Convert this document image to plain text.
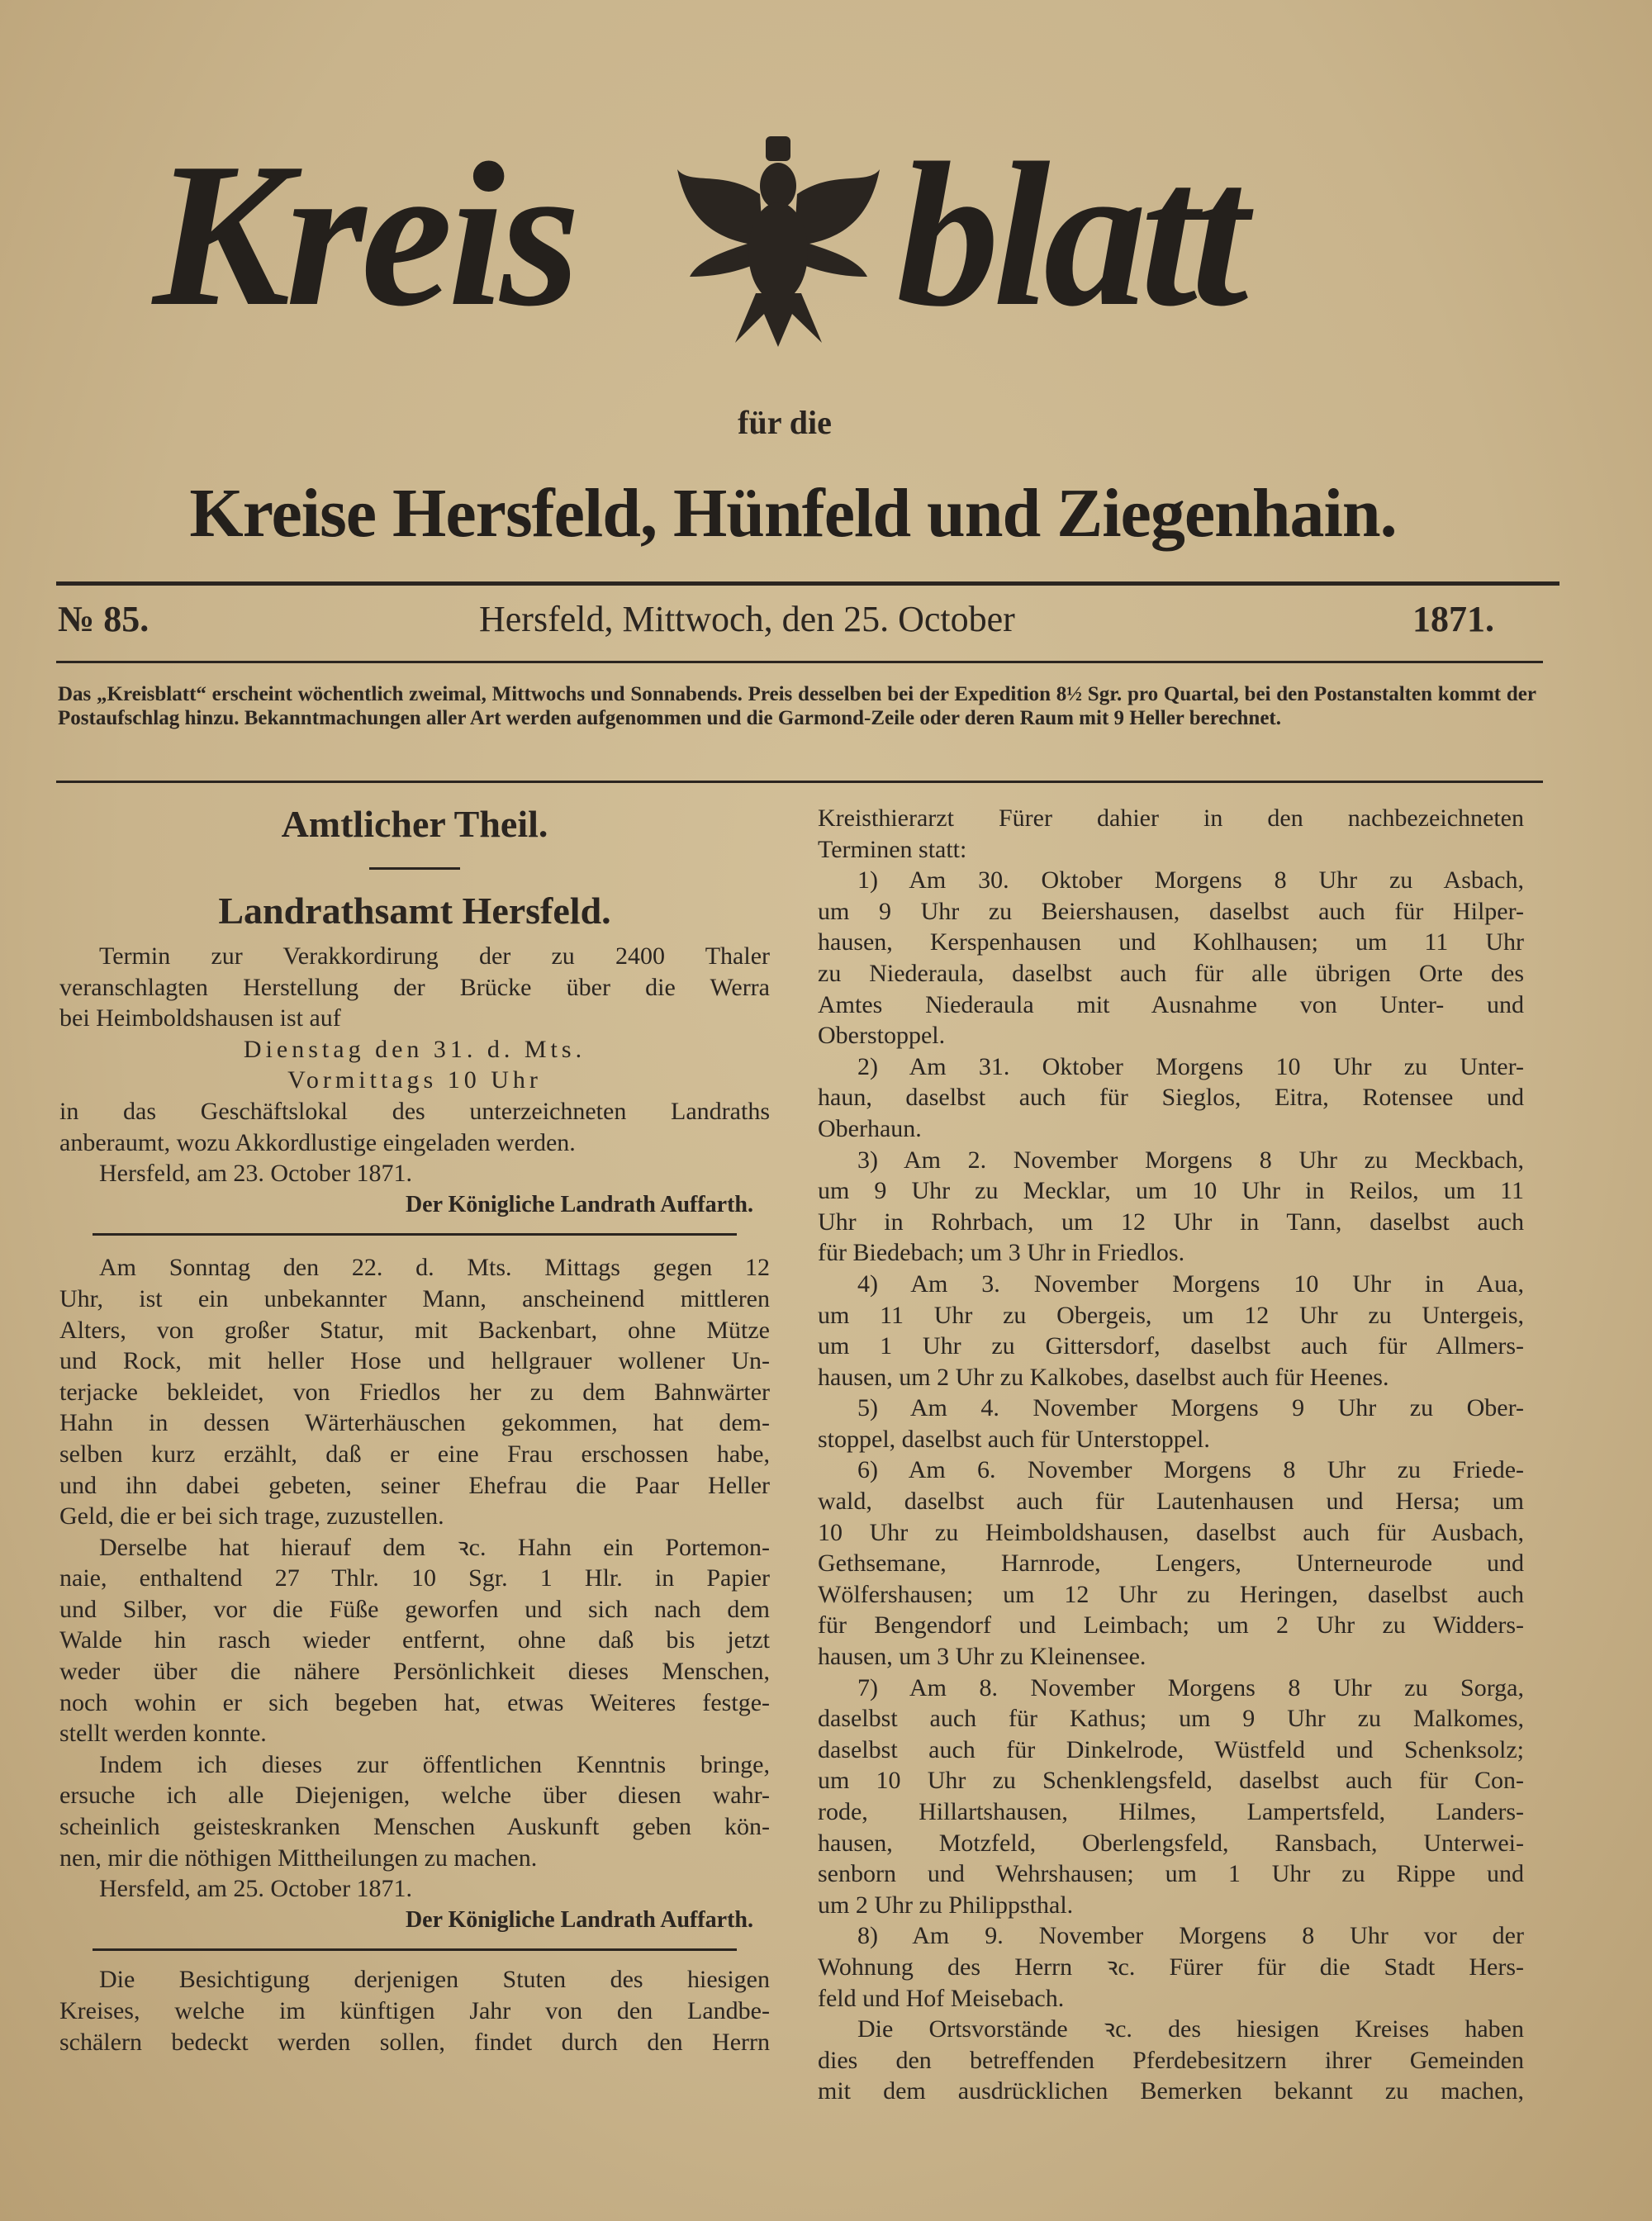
Kreis blatt
für die
Kreise Hersfeld, Hünfeld und Ziegenhain.
№ 85.	Hersfeld, Mittwoch, den 25. October	1871.
Das „Kreisblatt“ erscheint wöchentlich zweimal, Mittwochs und Sonnabends. Preis desselben bei der Expedition 8½ Sgr. pro Quartal, bei den Postanstalten kommt der Postaufschlag hinzu. Bekanntmachungen aller Art werden aufgenommen und die Garmond-Zeile oder deren Raum mit 9 Heller berechnet.
Amtlicher Theil.
Landrathsamt Hersfeld.
Termin zur Verakkordirung der zu 2400 Thaler
veranschlagten Herstellung der Brücke über die Werra
bei Heimboldshausen ist auf
Dienstag den 31. d. Mts.
Vormittags 10 Uhr
in das Geschäftslokal des unterzeichneten Landraths
anberaumt, wozu Akkordlustige eingeladen werden.
Hersfeld, am 23. October 1871.
Der Königliche Landrath Auffarth.
Am Sonntag den 22. d. Mts. Mittags gegen 12
Uhr, ist ein unbekannter Mann, anscheinend mittleren
Alters, von großer Statur, mit Backenbart, ohne Mütze
und Rock, mit heller Hose und hellgrauer wollener Un-
terjacke bekleidet, von Friedlos her zu dem Bahnwärter
Hahn in dessen Wärterhäuschen gekommen, hat dem-
selben kurz erzählt, daß er eine Frau erschossen habe,
und ihn dabei gebeten, seiner Ehefrau die Paar Heller
Geld, die er bei sich trage, zuzustellen.
Derselbe hat hierauf dem ꝛc. Hahn ein Portemon-
naie, enthaltend 27 Thlr. 10 Sgr. 1 Hlr. in Papier
und Silber, vor die Füße geworfen und sich nach dem
Walde hin rasch wieder entfernt, ohne daß bis jetzt
weder über die nähere Persönlichkeit dieses Menschen,
noch wohin er sich begeben hat, etwas Weiteres festge-
stellt werden konnte.
Indem ich dieses zur öffentlichen Kenntnis bringe,
ersuche ich alle Diejenigen, welche über diesen wahr-
scheinlich geisteskranken Menschen Auskunft geben kön-
nen, mir die nöthigen Mittheilungen zu machen.
Hersfeld, am 25. October 1871.
Der Königliche Landrath Auffarth.
Die Besichtigung derjenigen Stuten des hiesigen
Kreises, welche im künftigen Jahr von den Landbe-
schälern bedeckt werden sollen, findet durch den Herrn
Kreisthierarzt Fürer dahier in den nachbezeichneten
Terminen statt:
1) Am 30. Oktober Morgens 8 Uhr zu Asbach,
um 9 Uhr zu Beiershausen, daselbst auch für Hilper-
hausen, Kerspenhausen und Kohlhausen; um 11 Uhr
zu Niederaula, daselbst auch für alle übrigen Orte des
Amtes Niederaula mit Ausnahme von Unter- und
Oberstoppel.
2) Am 31. Oktober Morgens 10 Uhr zu Unter-
haun, daselbst auch für Sieglos, Eitra, Rotensee und
Oberhaun.
3) Am 2. November Morgens 8 Uhr zu Meckbach,
um 9 Uhr zu Mecklar, um 10 Uhr in Reilos, um 11
Uhr in Rohrbach, um 12 Uhr in Tann, daselbst auch
für Biedebach; um 3 Uhr in Friedlos.
4) Am 3. November Morgens 10 Uhr in Aua,
um 11 Uhr zu Obergeis, um 12 Uhr zu Untergeis,
um 1 Uhr zu Gittersdorf, daselbst auch für Allmers-
hausen, um 2 Uhr zu Kalkobes, daselbst auch für Heenes.
5) Am 4. November Morgens 9 Uhr zu Ober-
stoppel, daselbst auch für Unterstoppel.
6) Am 6. November Morgens 8 Uhr zu Friede-
wald, daselbst auch für Lautenhausen und Hersa; um
10 Uhr zu Heimboldshausen, daselbst auch für Ausbach,
Gethsemane, Harnrode, Lengers, Unterneurode und
Wölfershausen; um 12 Uhr zu Heringen, daselbst auch
für Bengendorf und Leimbach; um 2 Uhr zu Widders-
hausen, um 3 Uhr zu Kleinensee.
7) Am 8. November Morgens 8 Uhr zu Sorga,
daselbst auch für Kathus; um 9 Uhr zu Malkomes,
daselbst auch für Dinkelrode, Wüstfeld und Schenksolz;
um 10 Uhr zu Schenklengsfeld, daselbst auch für Con-
rode, Hillartshausen, Hilmes, Lampertsfeld, Landers-
hausen, Motzfeld, Oberlengsfeld, Ransbach, Unterwei-
senborn und Wehrshausen; um 1 Uhr zu Rippe und
um 2 Uhr zu Philippsthal.
8) Am 9. November Morgens 8 Uhr vor der
Wohnung des Herrn ꝛc. Fürer für die Stadt Hers-
feld und Hof Meisebach.
Die Ortsvorstände ꝛc. des hiesigen Kreises haben
dies den betreffenden Pferdebesitzern ihrer Gemeinden
mit dem ausdrücklichen Bemerken bekannt zu machen,
